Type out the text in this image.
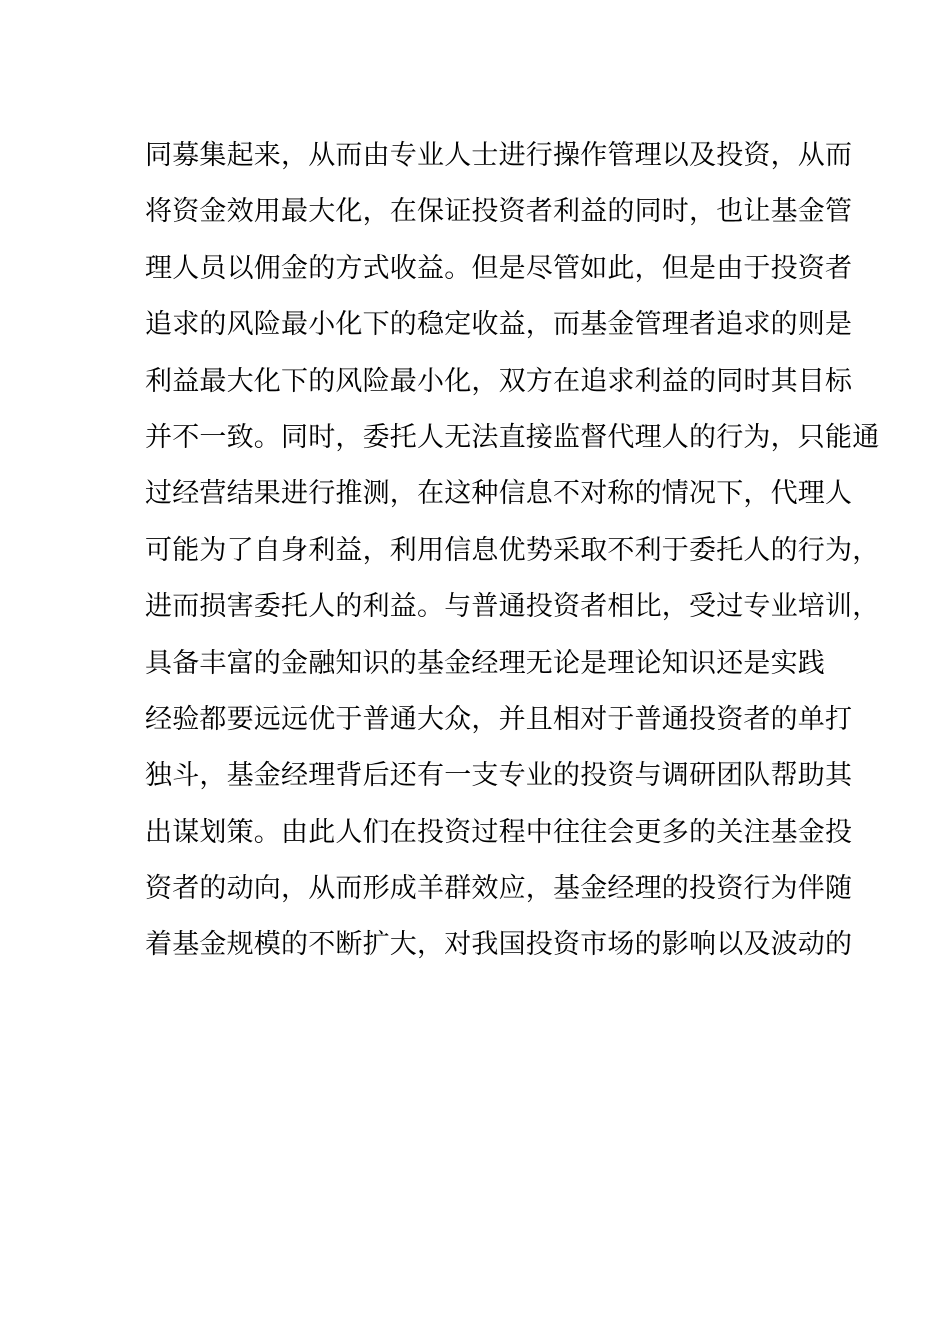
同募集起来，从而由专业人士进行操作管理以及投资，从而
将资金效用最大化，在保证投资者利益的同时，也让基金管
理人员以佣金的方式收益。但是尽管如此，但是由于投资者
追求的风险最小化下的稳定收益，而基金管理者追求的则是
利益最大化下的风险最小化，双方在追求利益的同时其目标
并不一致。同时，委托人无法直接监督代理人的行为，只能通
过经营结果进行推测，在这种信息不对称的情况下，代理人
可能为了自身利益，利用信息优势采取不利于委托人的行为，
进而损害委托人的利益。与普通投资者相比，受过专业培训，
具备丰富的金融知识的基金经理无论是理论知识还是实践
经验都要远远优于普通大众，并且相对于普通投资者的单打
独斗，基金经理背后还有一支专业的投资与调研团队帮助其
出谋划策。由此人们在投资过程中往往会更多的关注基金投
资者的动向，从而形成羊群效应，基金经理的投资行为伴随
着基金规模的不断扩大，对我国投资市场的影响以及波动的
